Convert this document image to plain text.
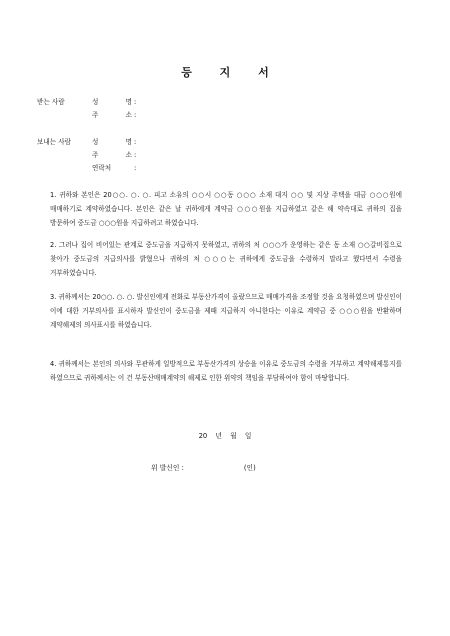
등 지 서
받는 사람	성 명 :
주 소 :
보내는 사람	성 명 :
주 소 :
연락처	:

1. 귀하와 본인은 20○○. ○. ○. 피고 소유의 ○○시 ○○동 ○○○ 소재 대지 ○○ 및 지상 주택을 대금 ○○○원에 매매하기로 계약하였습니다. 본인은 같은 날 귀하에게 계약금 ○○○원을 지급하였고 같은 해 약속대로 귀하의 집을 방문하여 중도금 ○○○원을 지급하려고 하였습니다.

2. 그러나 집이 비어있는 관계로 중도금을 지급하지 못하였고, 귀하의 처 ○○○가 운영하는 같은 동 소재 ○○갈비집으로 찾아가 중도금의 지급의사를 밝혔으나 귀하의 처 ○○○는 귀하에게 중도금을 수령하지 말라고 했다면서 수령을 거부하였습니다.

3. 귀하께서는 20○○. ○. ○. 발신인에게 전화로 부동산가격이 올랐으므로 매매가격을 조정할 것을 요청하였으며 발신인이 이에 대한 거부의사를 표시하자 발신인이 중도금을 제때 지급하지 아니한다는 이유로 계약금 중 ○○○원을 반환하며 계약해제의 의사표시를 하였습니다.

4. 귀하께서는 본인의 의사와 무관하게 일방적으로 부동산가격의 상승을 이유로 중도금의 수령을 거부하고 계약해제통지를 하였으므로 귀하께서는 이 건 부동산매매계약의 해제로 인한 위약의 책임을 부담하여야 함이 마땅합니다.

20 년 월 일
위 발신인 :	(인)
